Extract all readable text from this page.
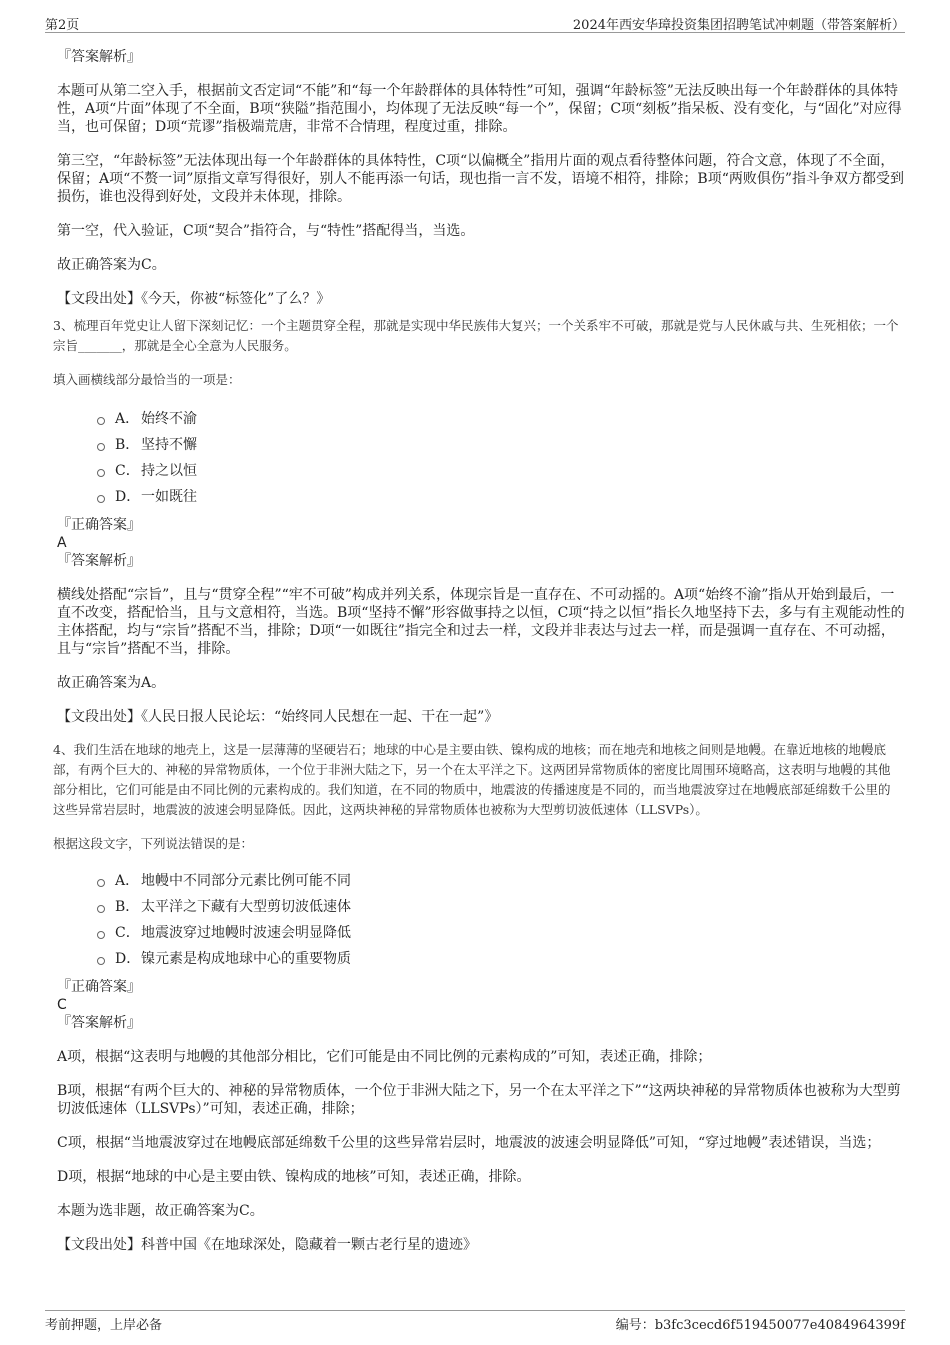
第2页	2024年西安华璋投资集团招聘笔试冲刺题（带答案解析）
『答案解析』

本题可从第二空入手，根据前文否定词“不能”和“每一个年龄群体的具体特性”可知，强调“年龄标签”无法反映出每一个年龄群体的具体特性，A项“片面”体现了不全面，B项“狭隘”指范围小，均体现了无法反映“每一个”，保留；C项“刻板”指呆板、没有变化，与“固化”对应得当，也可保留；D项“荒谬”指极端荒唐，非常不合情理，程度过重，排除。

第三空，“年龄标签”无法体现出每一个年龄群体的具体特性，C项“以偏概全”指用片面的观点看待整体问题，符合文意，体现了不全面，保留；A项“不赘一词”原指文章写得很好，别人不能再添一句话，现也指一言不发，语境不相符，排除；B项“两败俱伤”指斗争双方都受到损伤，谁也没得到好处，文段并未体现，排除。

第一空，代入验证，C项“契合”指符合，与“特性”搭配得当，当选。

故正确答案为C。

【文段出处】《今天，你被“标签化”了么？》

3、梳理百年党史让人留下深刻记忆：一个主题贯穿全程，那就是实现中华民族伟大复兴；一个关系牢不可破，那就是党与人民休戚与共、生死相依；一个宗旨_______，那就是全心全意为人民服务。

填入画横线部分最恰当的一项是：

A． 始终不渝
B． 坚持不懈
C．持之以恒
D．一如既往
『正确答案』
A
『答案解析』

横线处搭配“宗旨”，且与“贯穿全程”“牢不可破”构成并列关系，体现宗旨是一直存在、不可动摇的。A项“始终不渝”指从开始到最后，一直不改变，搭配恰当，且与文意相符，当选。B项“坚持不懈”形容做事持之以恒，C项“持之以恒”指长久地坚持下去，多与有主观能动性的主体搭配，均与“宗旨”搭配不当，排除；D项“一如既往”指完全和过去一样，文段并非表达与过去一样，而是强调一直存在、不可动摇，且与“宗旨”搭配不当，排除。

故正确答案为A。

【文段出处】《人民日报人民论坛：“始终同人民想在一起、干在一起”》

4、我们生活在地球的地壳上，这是一层薄薄的坚硬岩石；地球的中心是主要由铁、镍构成的地核；而在地壳和地核之间则是地幔。在靠近地核的地幔底部，有两个巨大的、神秘的异常物质体，一个位于非洲大陆之下，另一个在太平洋之下。这两团异常物质体的密度比周围环境略高，这表明与地幔的其他部分相比，它们可能是由不同比例的元素构成的。我们知道，在不同的物质中，地震波的传播速度是不同的，而当地震波穿过在地幔底部延绵数千公里的这些异常岩层时，地震波的波速会明显降低。因此，这两块神秘的异常物质体也被称为大型剪切波低速体（LLSVPs）。

根据这段文字，下列说法错误的是：

A． 地幔中不同部分元素比例可能不同
B． 太平洋之下藏有大型剪切波低速体
C．地震波穿过地幔时波速会明显降低
D．镍元素是构成地球中心的重要物质
『正确答案』
C
『答案解析』

A项，根据“这表明与地幔的其他部分相比，它们可能是由不同比例的元素构成的”可知，表述正确，排除；

B项，根据“有两个巨大的、神秘的异常物质体，一个位于非洲大陆之下，另一个在太平洋之下”“这两块神秘的异常物质体也被称为大型剪切波低速体（LLSVPs）”可知，表述正确，排除；

C项，根据“当地震波穿过在地幔底部延绵数千公里的这些异常岩层时，地震波的波速会明显降低”可知，“穿过地幔”表述错误，当选；

D项，根据“地球的中心是主要由铁、镍构成的地核”可知，表述正确，排除。

本题为选非题，故正确答案为C。

【文段出处】科普中国《在地球深处，隐藏着一颗古老行星的遗迹》

考前押题，上岸必备	编号：b3fc3cecd6f519450077e4084964399f
